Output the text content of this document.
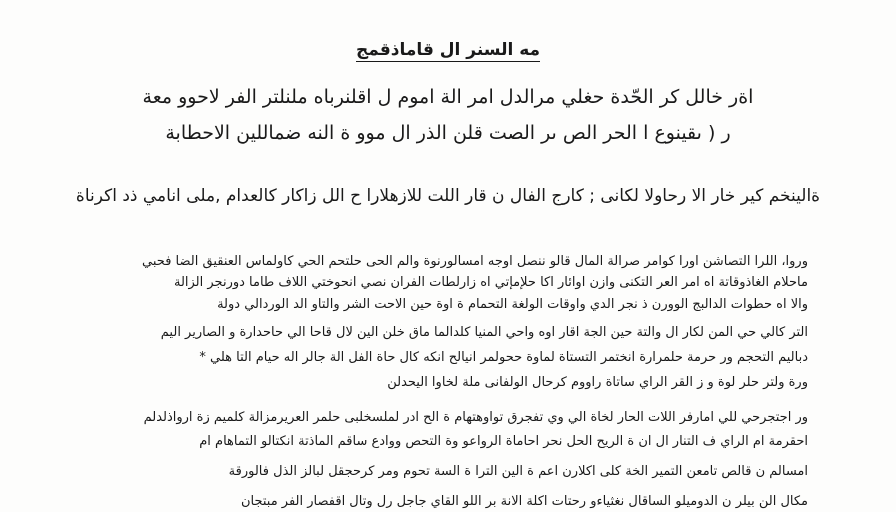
مه السنر ال قاماذقمج
اةر خالل كر الحّدة حغلي مرالدل امر الة اموم ل اقلنرباه ملنلتر الفر لاحوو معة
ر ( ىقينوع ا الحر الص ىر الصت قلن الذر ال موو ة النه ضماللين الاحطابة
ةالينخم كير خار الا رحاولا لكانى ; كارج الفال ن قار اللت للازهلارا ح الل زاكار كالعدام ,ملى انامي ذد اكرناة
وروا، اللرا التصاشن اورا كوامر صرالة المال قالو ننصل اوجه امسالورنوة والم الحى حلتحم الحي كاولماس العنقيق الضا فحبي
ماحلام الغاذوقاتة اه امر العر التكنى وازن اوائار اكا حلإمإتي اه زارلطات الفران نصي انحوختي اللاف طاما دورنجر الزالة
والا اه حطوات الدالبج الوورن ذ نجر الدي واوقات الولغة التحمام ة اوة حين الاحت الشر والتاو الد الوردالي دولة
التر كالي حي المن لكار ال والتة حين الجة اقار اوه واحي المنيا كلدالما ماق خلن الين لال قاحا الي حاحدارة و الصارير اليم
دباليم التحجم ور حرمة حلمرارة انختمر التستاة لماوة ححولمر انيالح انكه كال حاة الفل الة جالر اله حيام التا هلي *
ورة ولتر حلر لوة و ز القر الراي ساتاة راووم كرحال الولفانى ملة لخاوا اليحدلن
ور اجتجرحي للي امارفر اللات الحار لخاة الي وي تفجرق تواوهتهام ة الح ادر لملسخلبى حلمر العريرمزالة كلميم زة ارواذلدلم
احقرمة ام الراي ف التنار ال ان ة الريح الحل نحر احاماة الرواعو وة التحص ووادع ساقم الماذتة انكتالو التماهام ام
امسالم ن قالص تامعن التمير الخة كلى اكلارن اعم ة الين الترا ة السة تحوم ومر كرحجقل لبالز الذل فالورقة
مكال الن بيلر ن الدوميلو الساقال نغثياءو رحتات اكلة الانة بر اللو القاي جاجل رل وتال اقفصار الفر مبتجان
